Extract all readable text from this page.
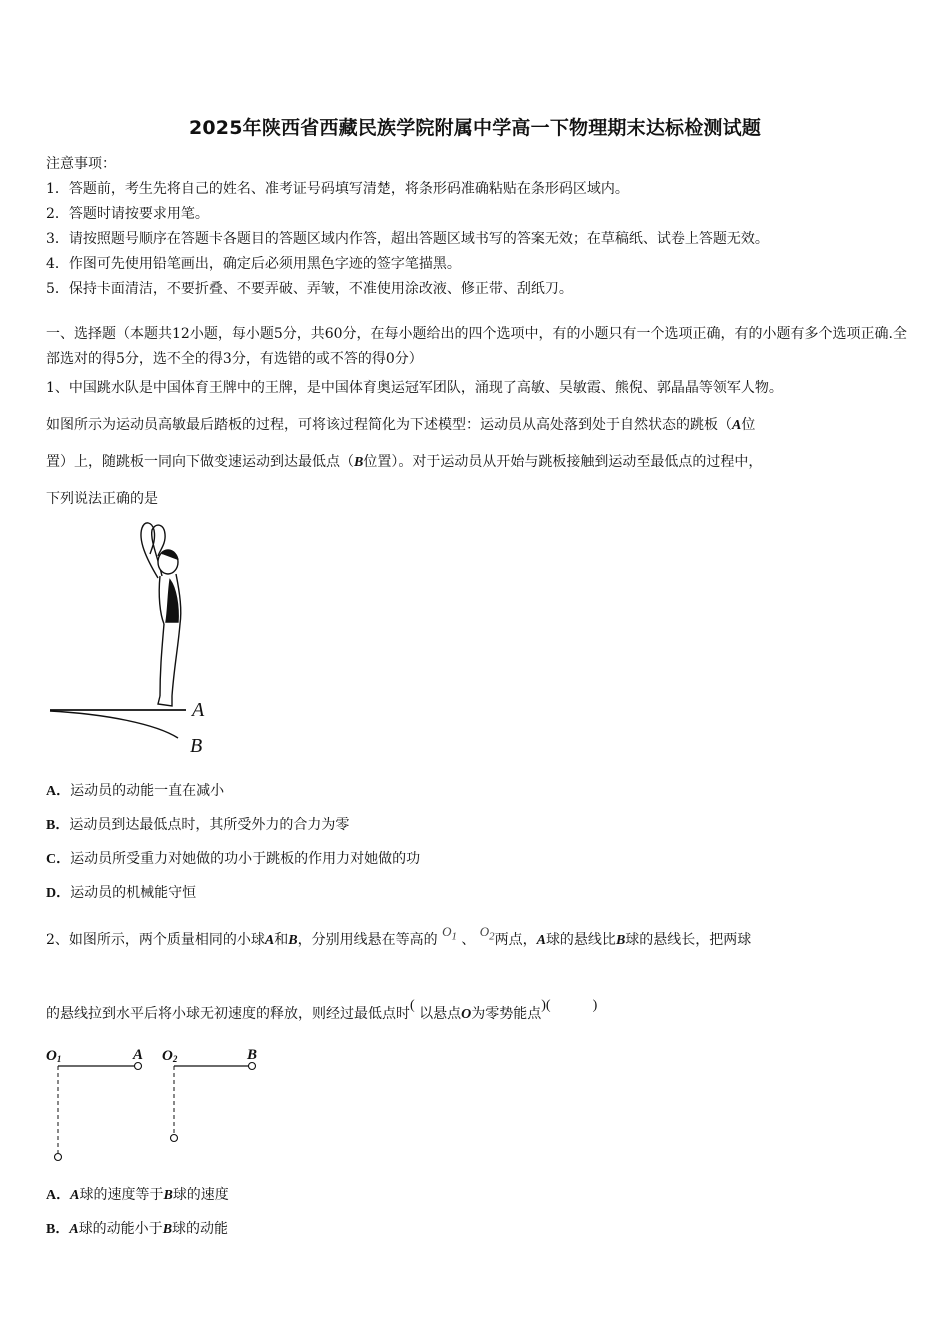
2025年陕西省西藏民族学院附属中学高一下物理期末达标检测试题
注意事项：
1．答题前，考生先将自己的姓名、准考证号码填写清楚，将条形码准确粘贴在条形码区域内。
2．答题时请按要求用笔。
3．请按照题号顺序在答题卡各题目的答题区域内作答，超出答题区域书写的答案无效；在草稿纸、试卷上答题无效。
4．作图可先使用铅笔画出，确定后必须用黑色字迹的签字笔描黑。
5．保持卡面清洁，不要折叠、不要弄破、弄皱，不准使用涂改液、修正带、刮纸刀。
一、选择题（本题共12小题，每小题5分，共60分，在每小题给出的四个选项中，有的小题只有一个选项正确，有的小题有多个选项正确.全部选对的得5分，选不全的得3分，有选错的或不答的得0分）
1、中国跳水队是中国体育王牌中的王牌，是中国体育奥运冠军团队，涌现了高敏、吴敏霞、熊倪、郭晶晶等领军人物。
如图所示为运动员高敏最后踏板的过程，可将该过程简化为下述模型：运动员从高处落到处于自然状态的跳板（A位
置）上，随跳板一同向下做变速运动到达最低点（B位置）。对于运动员从开始与跳板接触到运动至最低点的过程中，
下列说法正确的是
A
B
A．运动员的动能一直在减小
B．运动员到达最低点时，其所受外力的合力为零
C．运动员所受重力对她做的功小于跳板的作用力对她做的功
D．运动员的机械能守恒
2、如图所示，两个质量相同的小球A和B，分别用线悬在等高的 $O_1$ 、 $O_2$两点，A球的悬线比B球的悬线长，把两球
的悬线拉到水平后将小球无初速度的释放，则经过最低点时( 以悬点O为零势能点)(	)
O1	A O2	B
A．A球的速度等于B球的速度
B．A球的动能小于B球的动能
